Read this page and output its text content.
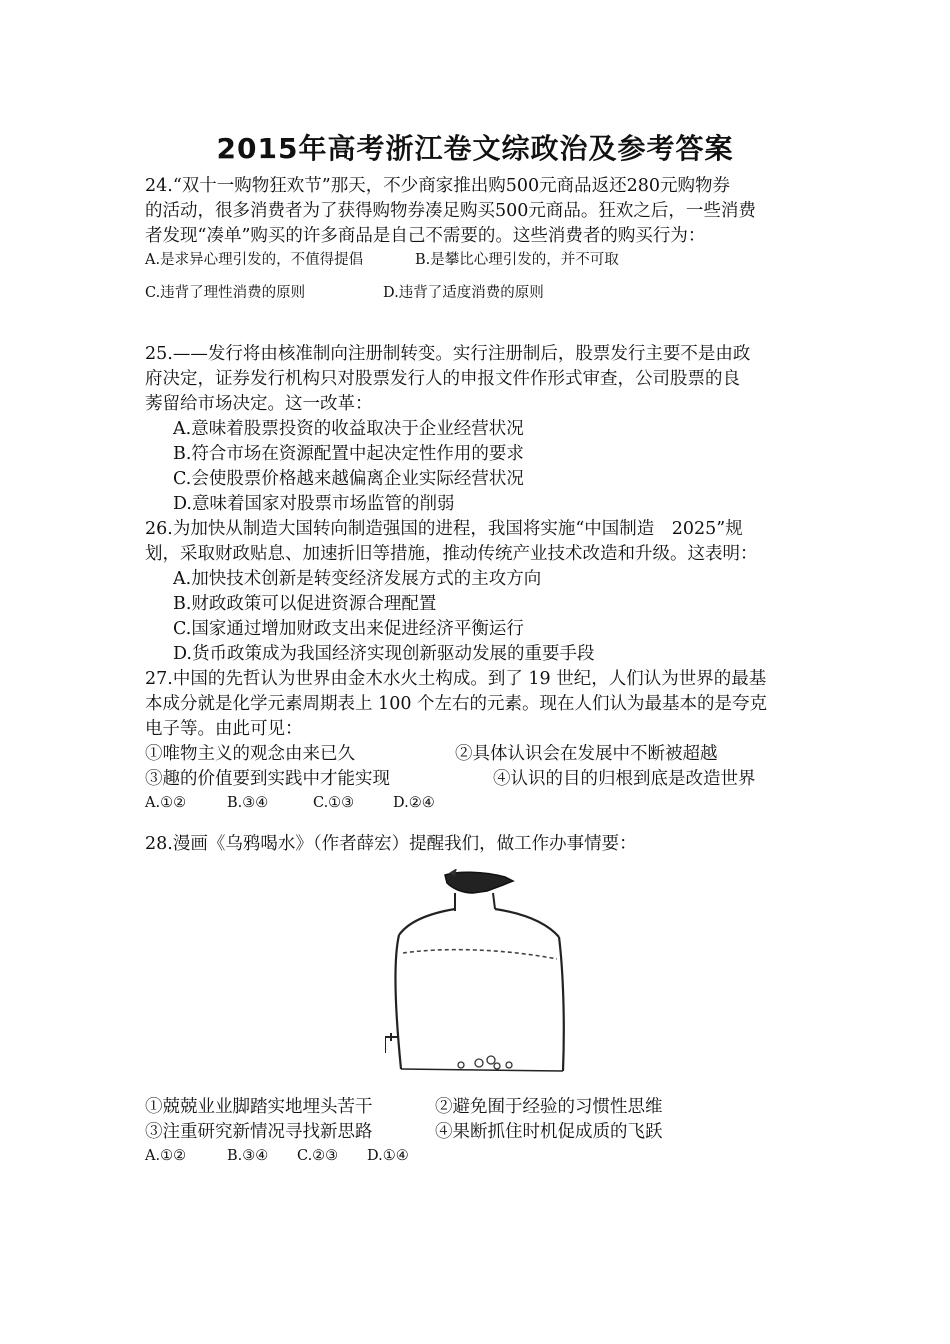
2015年高考浙江卷文综政治及参考答案
24.“双十一购物狂欢节”那天，不少商家推出购500元商品返还280元购物券
的活动，很多消费者为了获得购物券凑足购买500元商品。狂欢之后，一些消费
者发现“凑单”购买的许多商品是自己不需要的。这些消费者的购买行为：
A.是求异心理引发的，不值得提倡	B.是攀比心理引发的，并不可取
C.违背了理性消费的原则	D.违背了适度消费的原则
25.——发行将由核准制向注册制转变。实行注册制后，股票发行主要不是由政
府决定，证券发行机构只对股票发行人的申报文件作形式审查，公司股票的良
莠留给市场决定。这一改革：
A.意味着股票投资的收益取决于企业经营状况
B.符合市场在资源配置中起决定性作用的要求
C.会使股票价格越来越偏离企业实际经营状况
D.意味着国家对股票市场监管的削弱
26.为加快从制造大国转向制造强国的进程，我国将实施“中国制造　2025”规
划，采取财政贴息、加速折旧等措施，推动传统产业技术改造和升级。这表明：
A.加快技术创新是转变经济发展方式的主攻方向
B.财政政策可以促进资源合理配置
C.国家通过增加财政支出来促进经济平衡运行
D.货币政策成为我国经济实现创新驱动发展的重要手段
27.中国的先哲认为世界由金木水火土构成。到了 19 世纪，人们认为世界的最基
本成分就是化学元素周期表上 100 个左右的元素。现在人们认为最基本的是夸克
电子等。由此可见：
①唯物主义的观念由来已久	②具体认识会在发展中不断被超越
③趣的价值要到实践中才能实现	④认识的目的归根到底是改造世界
A.①②	B.③④	C.①③	D.②④
28.漫画《乌鸦喝水》（作者薛宏）提醒我们，做工作办事情要：
①兢兢业业脚踏实地埋头苦干	②避免囿于经验的习惯性思维
③注重研究新情况寻找新思路	④果断抓住时机促成质的飞跃
A.①②	B.③④	C.②③	D.①④
